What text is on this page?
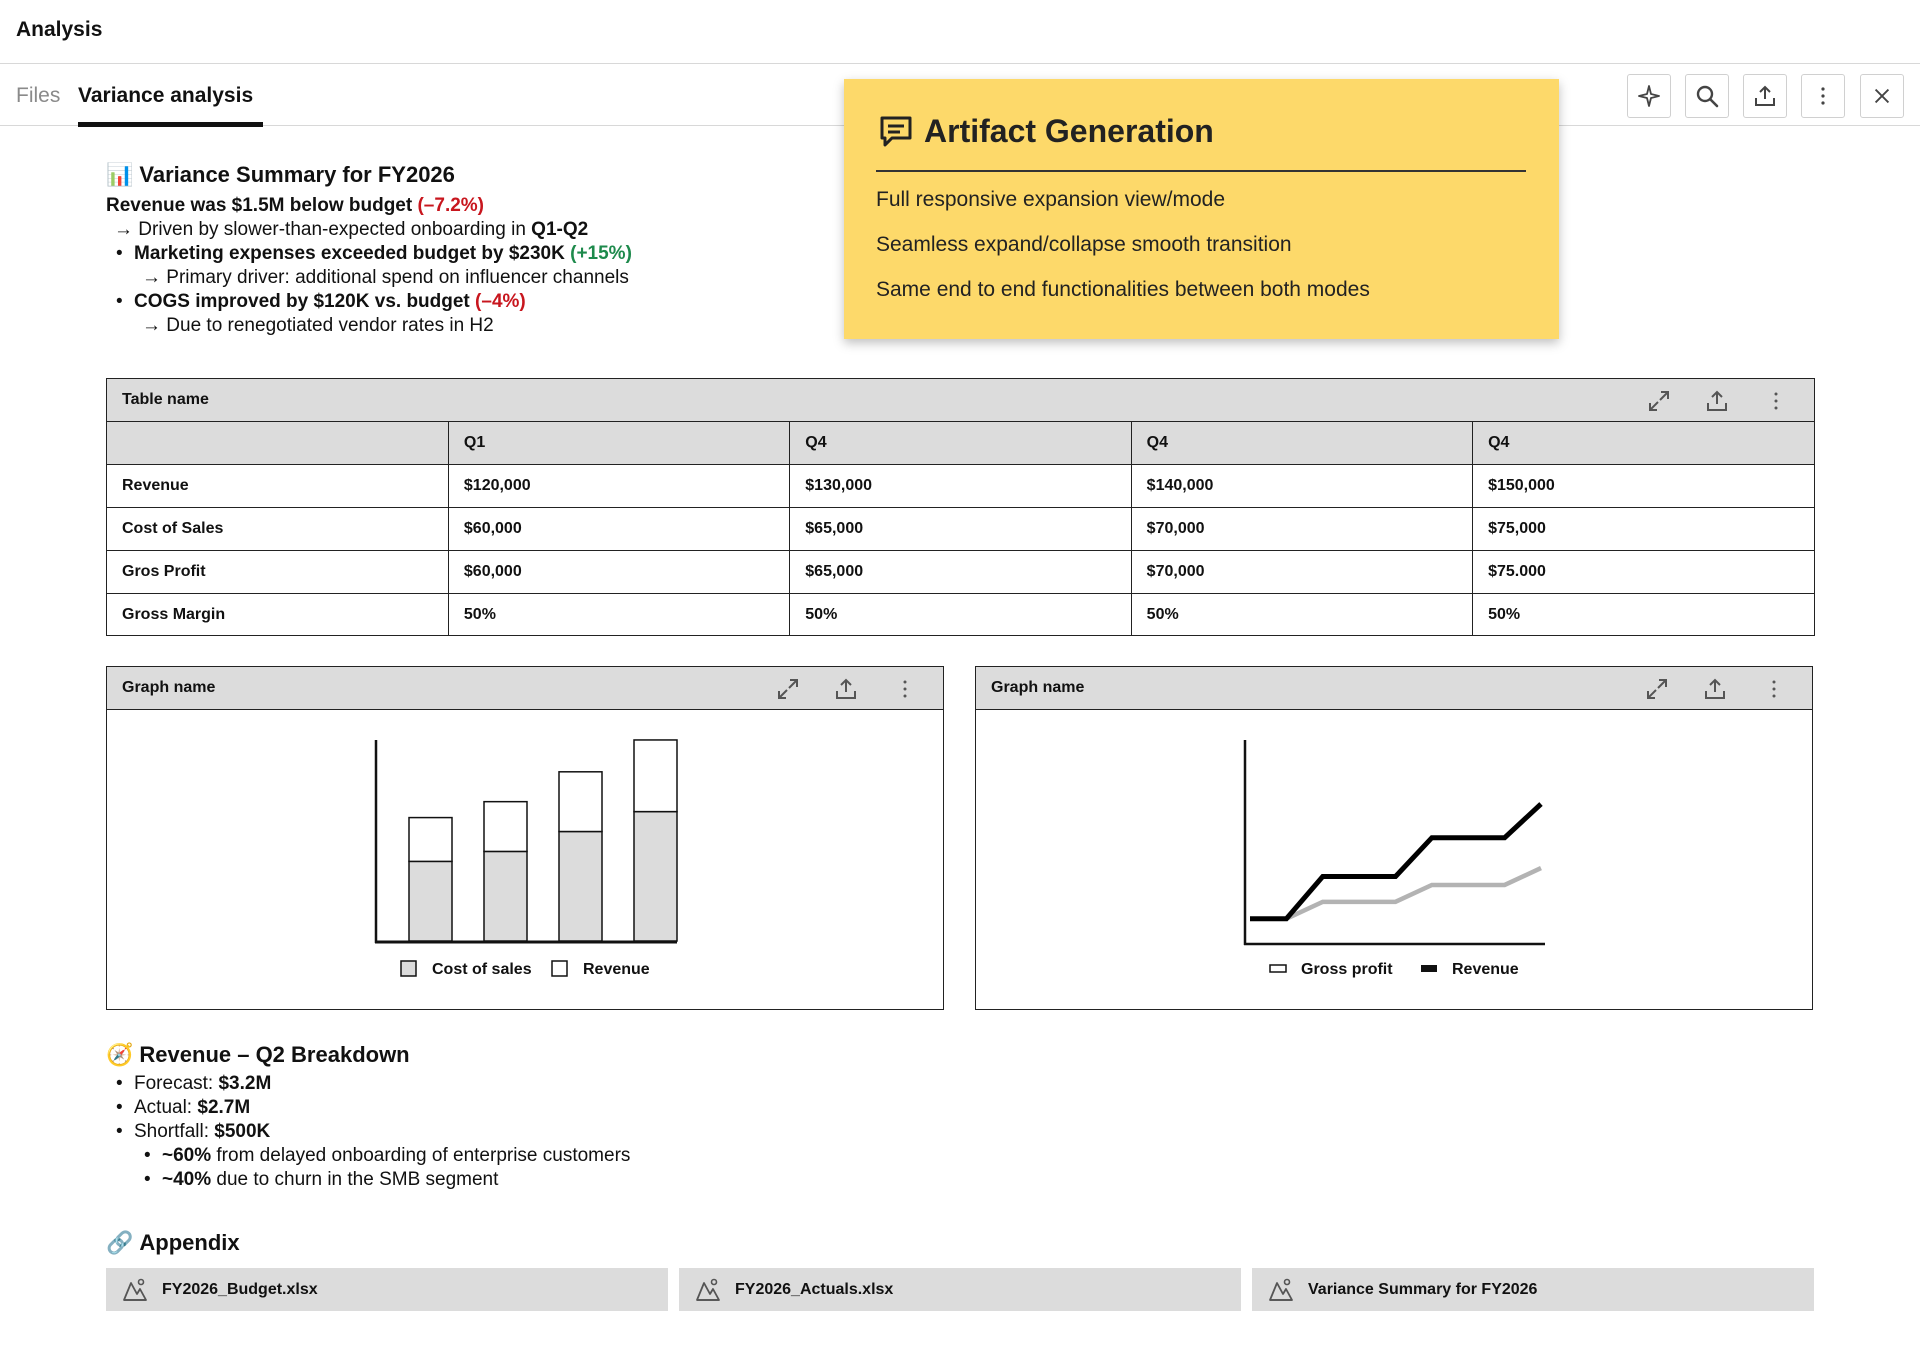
Analysis
Files Variance analysis
Artifact Generation
Full responsive expansion view/mode
Seamless expand/collapse smooth transition
Same end to end functionalities between both modes
📊 Variance Summary for FY2026
Revenue was $1.5M below budget (–7.2%)
→ Driven by slower-than-expected onboarding in Q1-Q2
• Marketing expenses exceeded budget by $230K (+15%)
→ Primary driver: additional spend on influencer channels
• COGS improved by $120K vs. budget (–4%)
→ Due to renegotiated vendor rates in H2
Table name
	Q1	Q4	Q4	Q4
Revenue	$120,000	$130,000	$140,000	$150,000
Cost of Sales	$60,000	$65,000	$70,000	$75,000
Gros Profit	$60,000	$65,000	$70,000	$75.000
Gross Margin	50%	50%	50%	50%
Graph name
Cost of sales	Revenue
Graph name
Gross profit	Revenue
🧭 Revenue – Q2 Breakdown
• Forecast: $3.2M
• Actual: $2.7M
• Shortfall: $500K
• ~60% from delayed onboarding of enterprise customers
• ~40% due to churn in the SMB segment
🔗 Appendix
FY2026_Budget.xlsx	FY2026_Actuals.xlsx	Variance Summary for FY2026
